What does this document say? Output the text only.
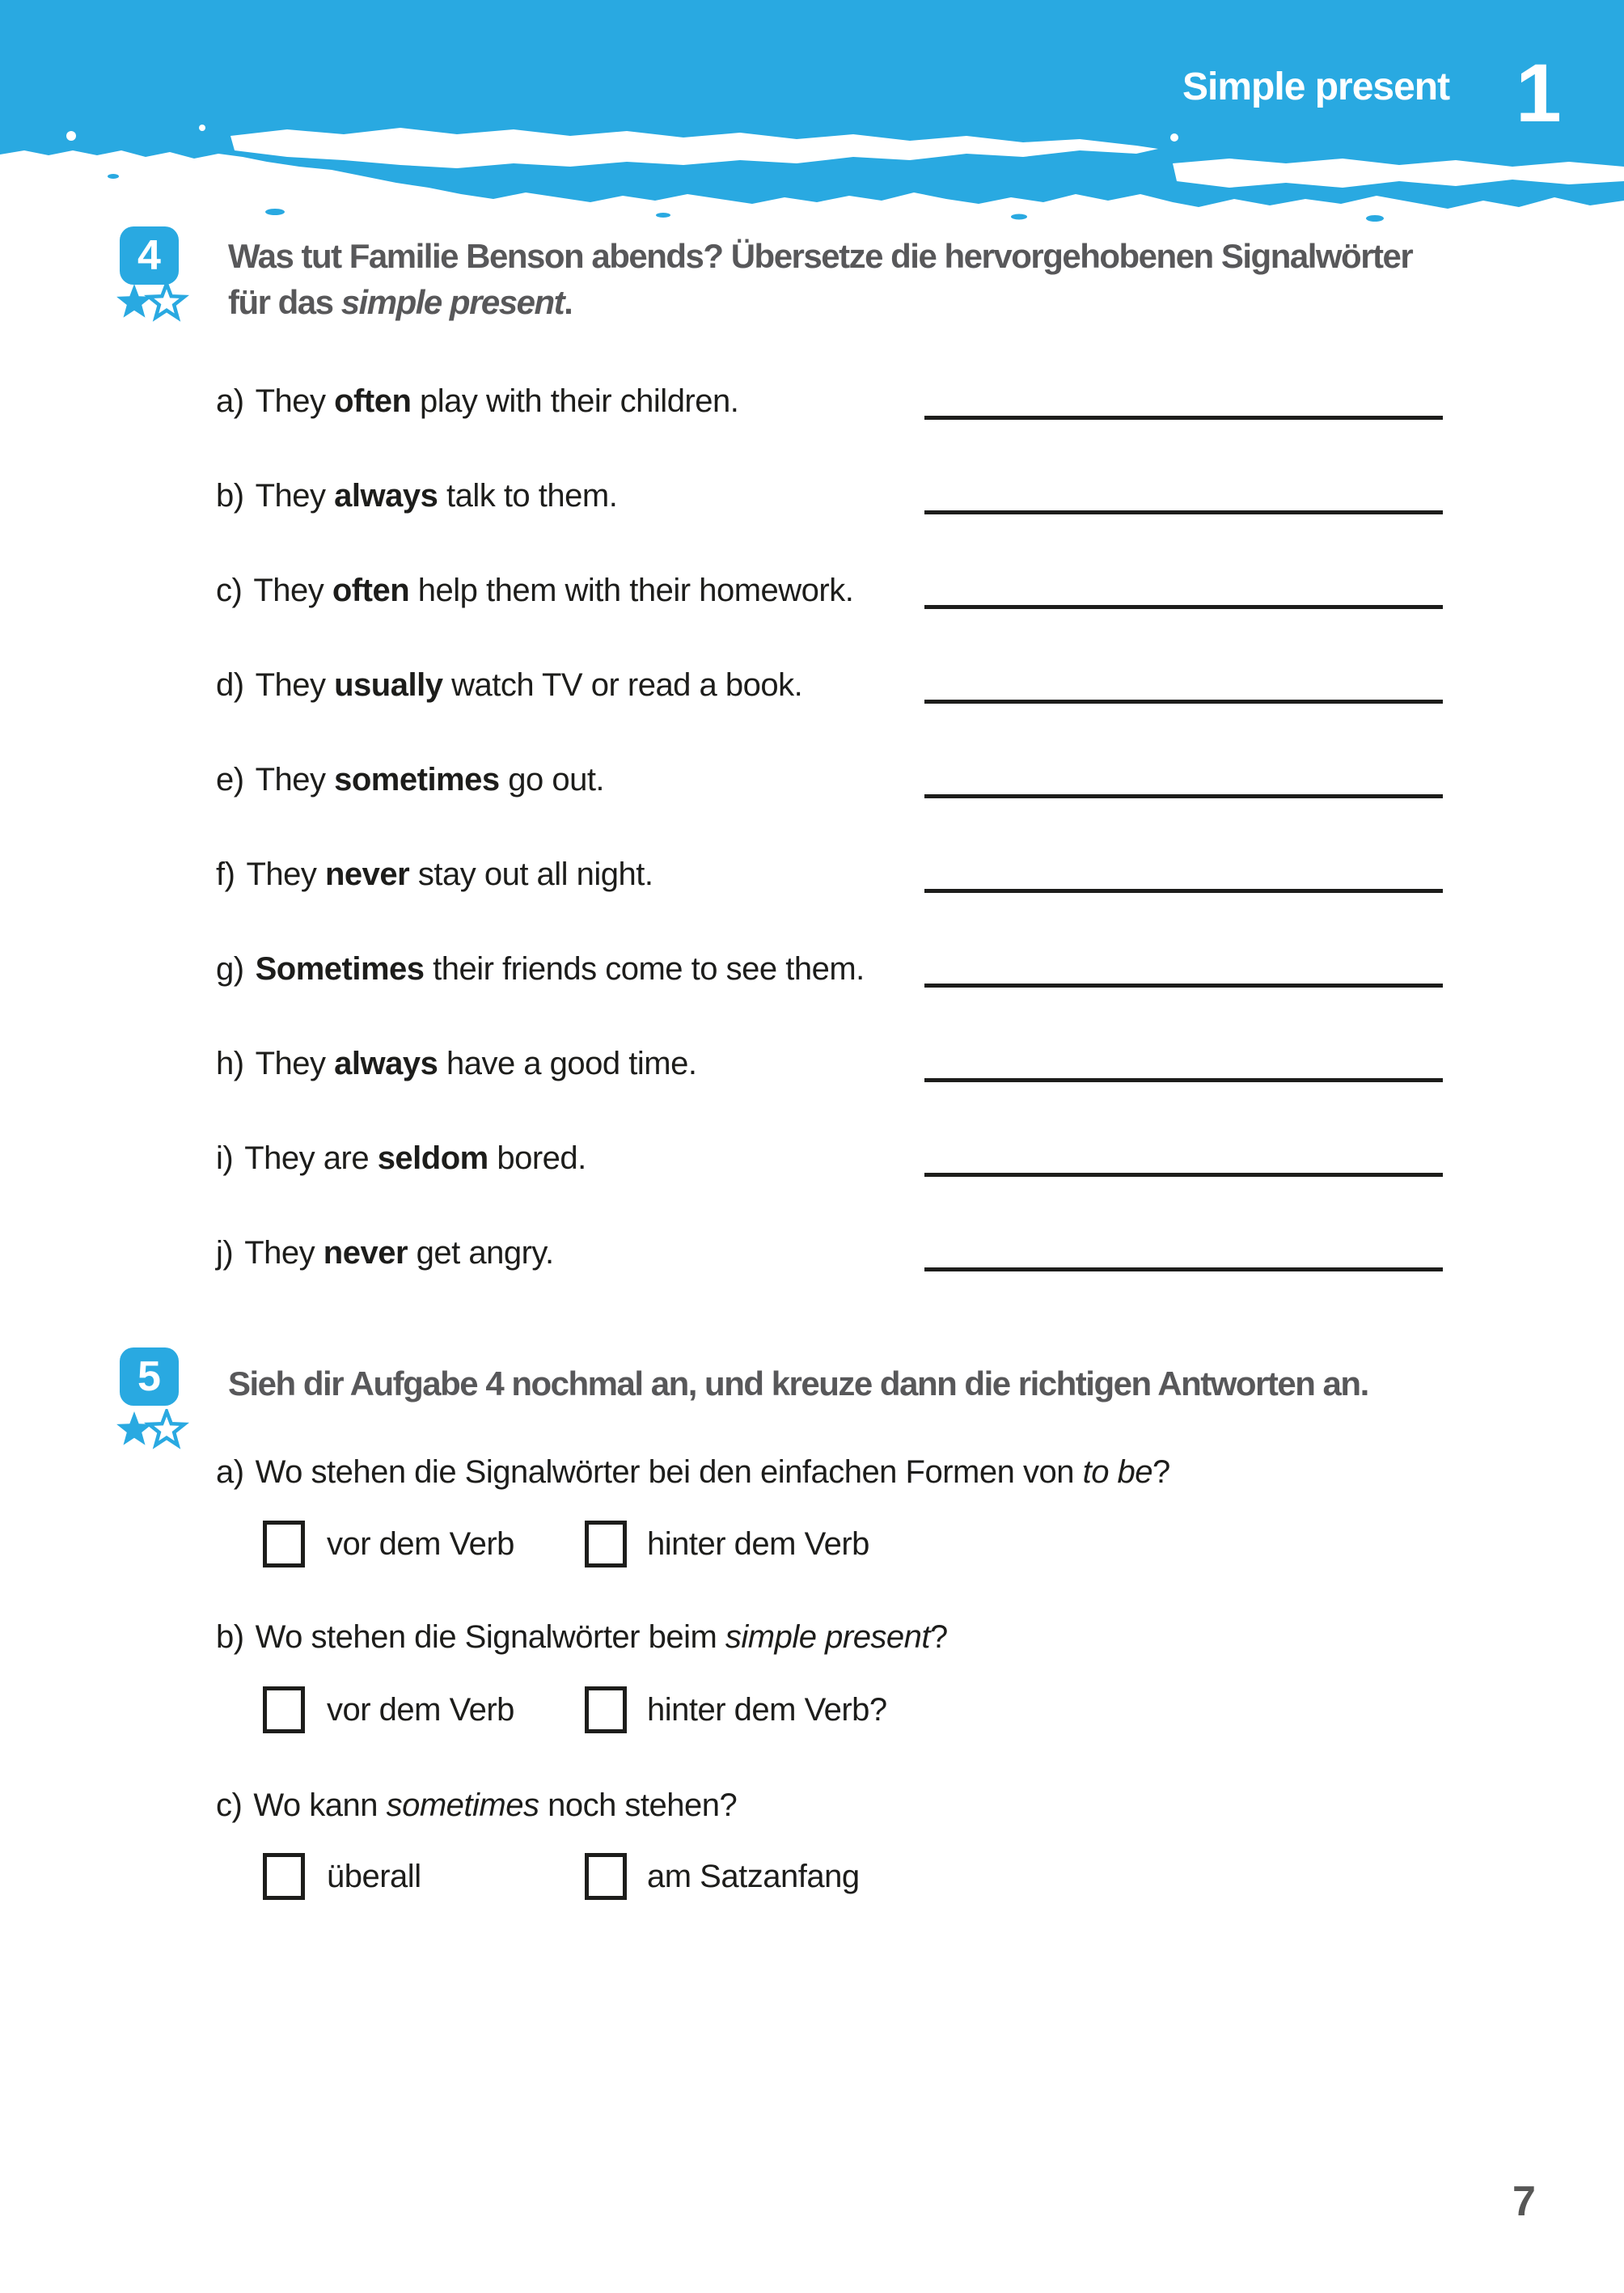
Simple present 1
4	Was tut Familie Benson abends? Übersetze die hervorgehobenen Signalwörter
für das simple present.
a) They often play with their children.
b) They always talk to them.
c) They often help them with their homework.
d) They usually watch TV or read a book.
e) They sometimes go out.
f) They never stay out all night.
g) Sometimes their friends come to see them.
h) They always have a good time.
i) They are seldom bored.
j) They never get angry.
5	Sieh dir Aufgabe 4 nochmal an, und kreuze dann die richtigen Antworten an.
a) Wo stehen die Signalwörter bei den einfachen Formen von to be?
vor dem Verb	hinter dem Verb
b) Wo stehen die Signalwörter beim simple present?
vor dem Verb	hinter dem Verb?
c) Wo kann sometimes noch stehen?
überall	am Satzanfang
7
